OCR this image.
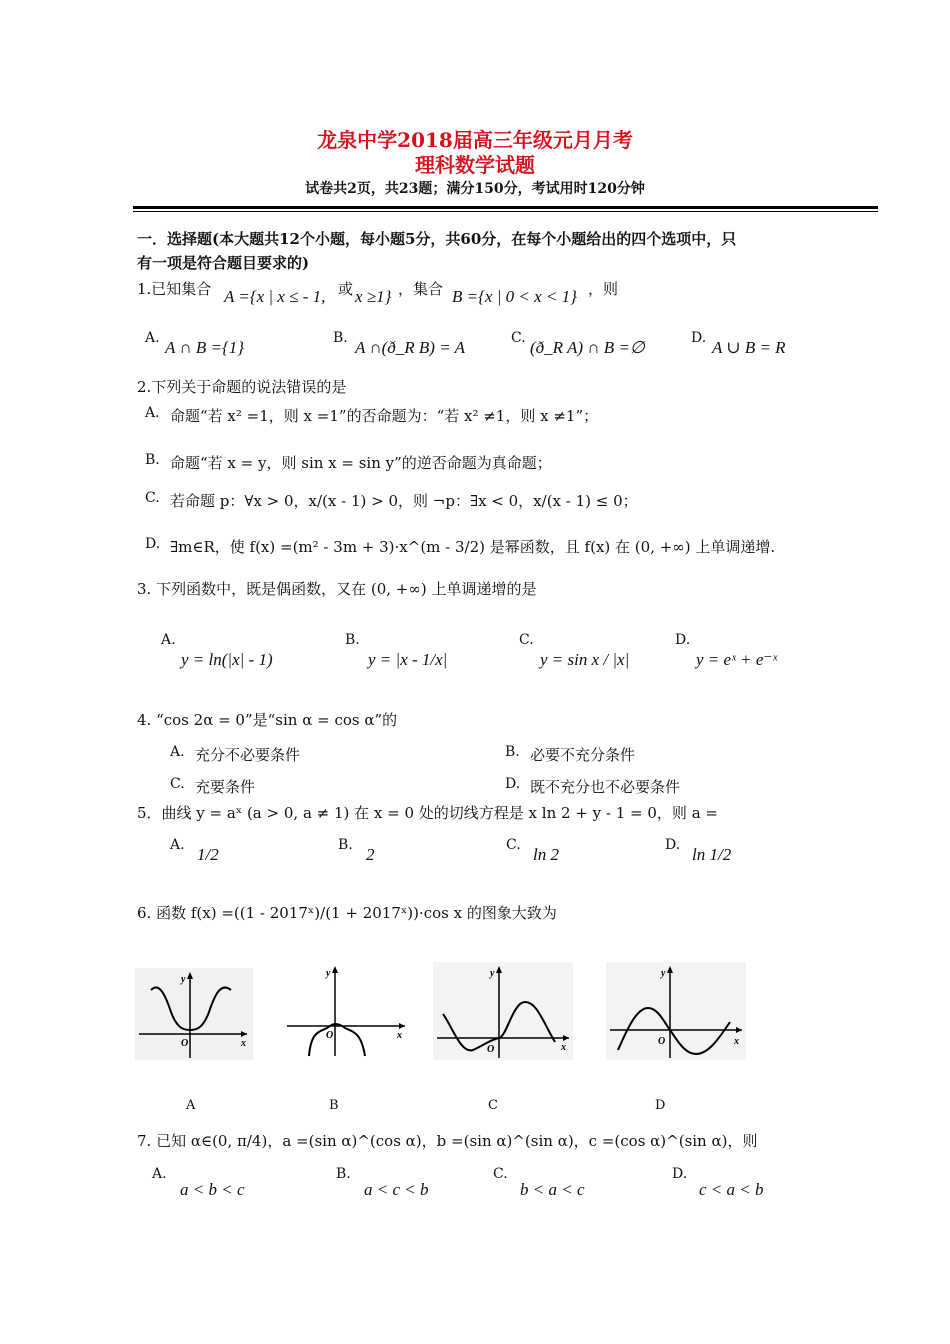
龙泉中学2018届高三年级元月月考
理科数学试题
试卷共2页，共23题；满分150分，考试用时120分钟
一．选择题(本大题共12个小题，每小题5分，共60分，在每个小题给出的四个选项中，只
有一项是符合题目要求的)
1.已知集合 A ={x | x ≤ - 1, 或 x ≥1} ，集合 B ={x | 0 < x < 1} ，则
A. A ∩ B ={1}	B. A ∩(ð_R B) = A	C. (ð_R A) ∩ B =∅	D. A ∪ B = R
2.下列关于命题的说法错误的是
A. 命题“若 x² =1，则 x =1”的否命题为：“若 x² ≠1，则 x ≠1”；
B. 命题“若 x = y，则 sin x = sin y”的逆否命题为真命题；
C. 若命题 p：∀x > 0，x/(x - 1) > 0，则 ¬p：∃x < 0，x/(x - 1) ≤ 0；
D. ∃m∈R，使 f(x) =(m² - 3m + 3)·x^(m - 3/2) 是幂函数，且 f(x) 在 (0, +∞) 上单调递增.
3. 下列函数中，既是偶函数，又在 (0, +∞) 上单调递增的是
A.
y = ln(|x| - 1)
B.
y = |x - 1/x|
C.
y = sin x / |x|
D.
y = eˣ + e⁻ˣ
4. “cos 2α = 0”是“sin α = cos α”的
A. 充分不必要条件	B. 必要不充分条件
C. 充要条件	D. 既不充分也不必要条件
5．曲线 y = aˣ (a > 0, a ≠ 1) 在 x = 0 处的切线方程是 x ln 2 + y - 1 = 0，则 a =
A. 1/2	B. 2	C. ln 2	D. ln 1/2
6. 函数 f(x) =((1 - 2017ˣ)/(1 + 2017ˣ))·cos x 的图象大致为
y
O	x
y
O	x
y
O	x
y
O	x
A	B	C	D
7. 已知 α∈(0, π/4)，a =(sin α)^(cos α)，b =(sin α)^(sin α)，c =(cos α)^(sin α)，则
A.
a < b < c
B.
a < c < b
C.
b < a < c
D.
c < a < b
